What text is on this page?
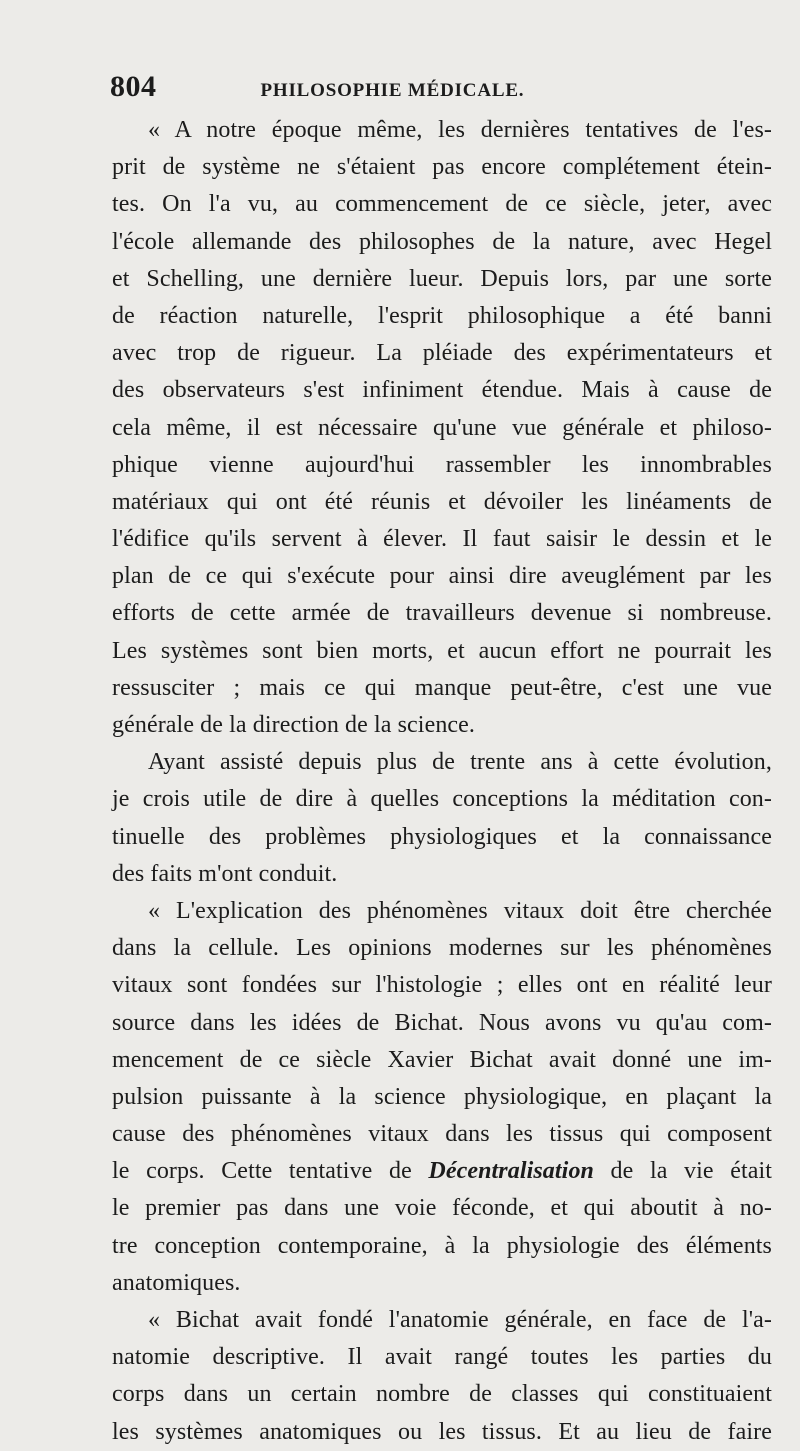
804	PHILOSOPHIE MÉDICALE.
« A notre époque même, les dernières tentatives de l'es-
prit de système ne s'étaient pas encore complétement étein-
tes. On l'a vu, au commencement de ce siècle, jeter, avec
l'école allemande des philosophes de la nature, avec Hegel
et Schelling, une dernière lueur. Depuis lors, par une sorte
de réaction naturelle, l'esprit philosophique a été banni
avec trop de rigueur. La pléiade des expérimentateurs et
des observateurs s'est infiniment étendue. Mais à cause de
cela même, il est nécessaire qu'une vue générale et philoso-
phique vienne aujourd'hui rassembler les innombrables
matériaux qui ont été réunis et dévoiler les linéaments de
l'édifice qu'ils servent à élever. Il faut saisir le dessin et le
plan de ce qui s'exécute pour ainsi dire aveuglément par les
efforts de cette armée de travailleurs devenue si nombreuse.
Les systèmes sont bien morts, et aucun effort ne pourrait les
ressusciter ; mais ce qui manque peut-être, c'est une vue
générale de la direction de la science.
Ayant assisté depuis plus de trente ans à cette évolution,
je crois utile de dire à quelles conceptions la méditation con-
tinuelle des problèmes physiologiques et la connaissance
des faits m'ont conduit.
« L'explication des phénomènes vitaux doit être cherchée
dans la cellule. Les opinions modernes sur les phénomènes
vitaux sont fondées sur l'histologie ; elles ont en réalité leur
source dans les idées de Bichat. Nous avons vu qu'au com-
mencement de ce siècle Xavier Bichat avait donné une im-
pulsion puissante à la science physiologique, en plaçant la
cause des phénomènes vitaux dans les tissus qui composent
le corps. Cette tentative de Décentralisation de la vie était
le premier pas dans une voie féconde, et qui aboutit à no-
tre conception contemporaine, à la physiologie des éléments
anatomiques.
« Bichat avait fondé l'anatomie générale, en face de l'a-
natomie descriptive. Il avait rangé toutes les parties du
corps dans un certain nombre de classes qui constituaient
les systèmes anatomiques ou les tissus. Et au lieu de faire
